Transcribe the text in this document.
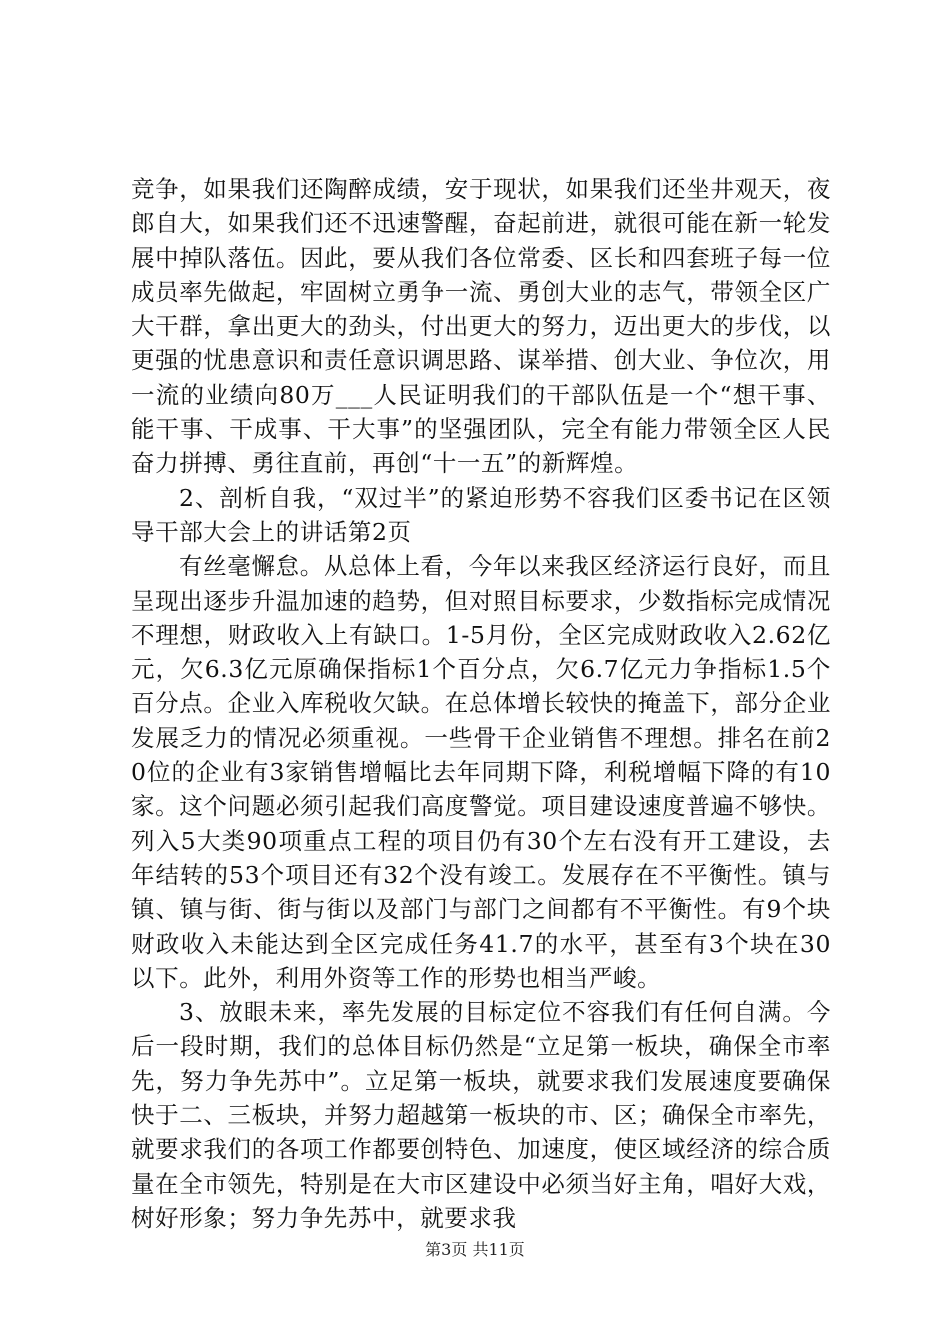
竞争，如果我们还陶醉成绩，安于现状，如果我们还坐井观天，夜郎自大，如果我们还不迅速警醒，奋起前进，就很可能在新一轮发展中掉队落伍。因此，要从我们各位常委、区长和四套班子每一位成员率先做起，牢固树立勇争一流、勇创大业的志气，带领全区广大干群，拿出更大的劲头，付出更大的努力，迈出更大的步伐，以更强的忧患意识和责任意识调思路、谋举措、创大业、争位次，用一流的业绩向80万___人民证明我们的干部队伍是一个“想干事、能干事、干成事、干大事”的坚强团队，完全有能力带领全区人民奋力拼搏、勇往直前，再创“十一五”的新辉煌。

2、剖析自我，“双过半”的紧迫形势不容我们区委书记在区领导干部大会上的讲话第2页

有丝毫懈怠。从总体上看，今年以来我区经济运行良好，而且呈现出逐步升温加速的趋势，但对照目标要求，少数指标完成情况不理想，财政收入上有缺口。1-5月份，全区完成财政收入2.62亿元，欠6.3亿元原确保指标1个百分点，欠6.7亿元力争指标1.5个百分点。企业入库税收欠缺。在总体增长较快的掩盖下，部分企业发展乏力的情况必须重视。一些骨干企业销售不理想。排名在前20位的企业有3家销售增幅比去年同期下降，利税增幅下降的有10家。这个问题必须引起我们高度警觉。项目建设速度普遍不够快。列入5大类90项重点工程的项目仍有30个左右没有开工建设，去年结转的53个项目还有32个没有竣工。发展存在不平衡性。镇与镇、镇与街、街与街以及部门与部门之间都有不平衡性。有9个块财政收入未能达到全区完成任务41.7的水平，甚至有3个块在30以下。此外，利用外资等工作的形势也相当严峻。

3、放眼未来，率先发展的目标定位不容我们有任何自满。今后一段时期，我们的总体目标仍然是“立足第一板块，确保全市率先，努力争先苏中”。立足第一板块，就要求我们发展速度要确保快于二、三板块，并努力超越第一板块的市、区；确保全市率先，就要求我们的各项工作都要创特色、加速度，使区域经济的综合质量在全市领先，特别是在大市区建设中必须当好主角，唱好大戏，树好形象；努力争先苏中，就要求我

第3页 共11页
